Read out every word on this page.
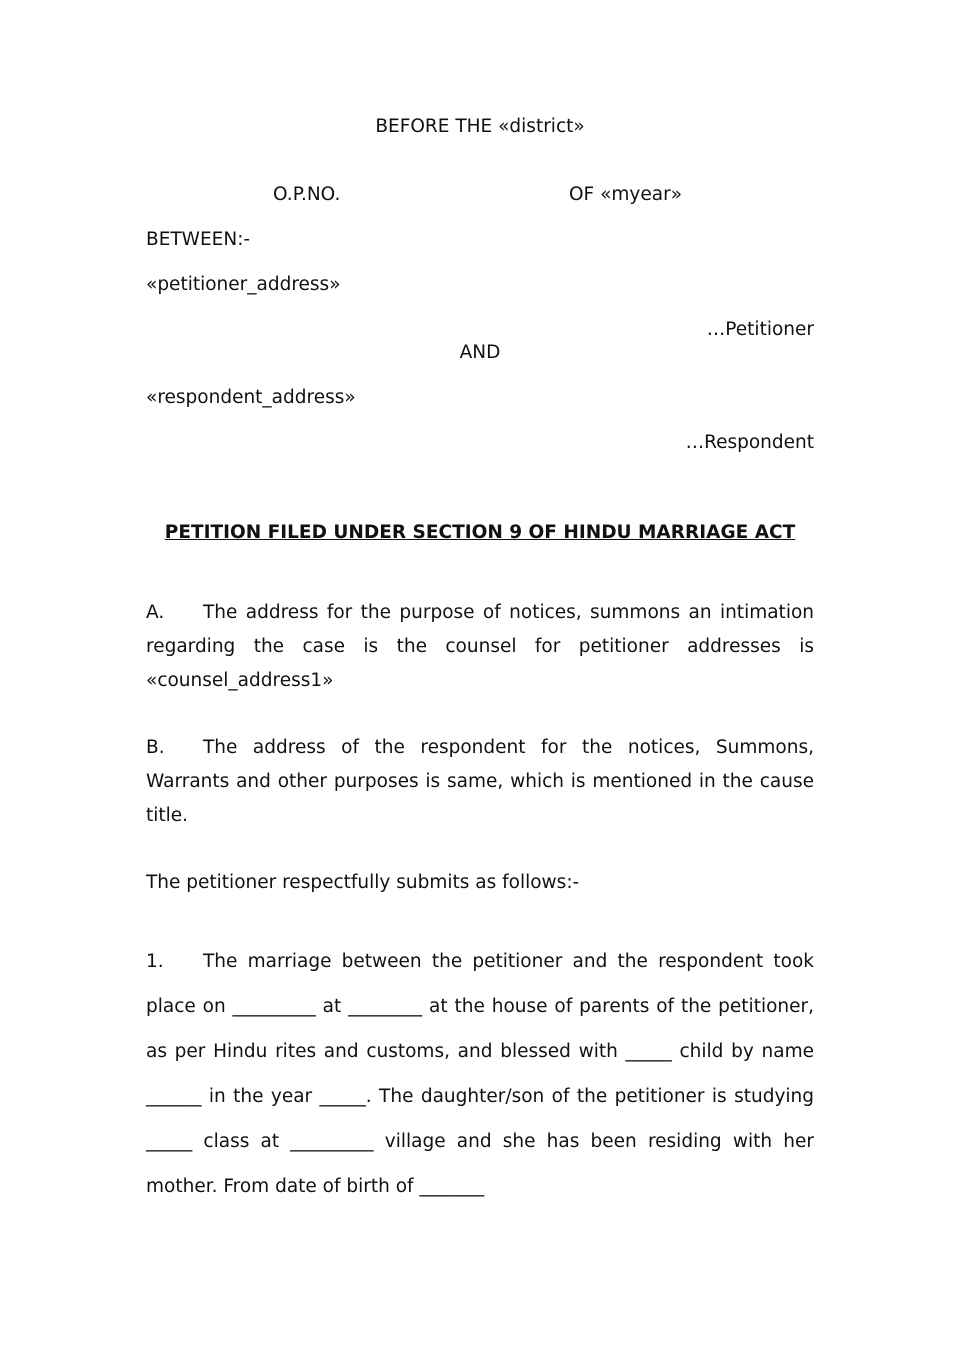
BEFORE THE «district»
O.P.NO.	OF «myear»
BETWEEN:-
«petitioner_address»
…Petitioner
AND
«respondent_address»
…Respondent
PETITION FILED UNDER SECTION 9 OF HINDU MARRIAGE ACT
A. The address for the purpose of notices, summons an intimation regarding the case is the counsel for petitioner addresses is «counsel_address1»
B. The address of the respondent for the notices, Summons, Warrants and other purposes is same, which is mentioned in the cause title.
The petitioner respectfully submits as follows:-
1. The marriage between the petitioner and the respondent took place on _________ at ________ at the house of parents of the petitioner, as per Hindu rites and customs, and blessed with _____ child by name ______ in the year _____. The daughter/son of the petitioner is studying _____ class at _________ village and she has been residing with her mother. From date of birth of _______
